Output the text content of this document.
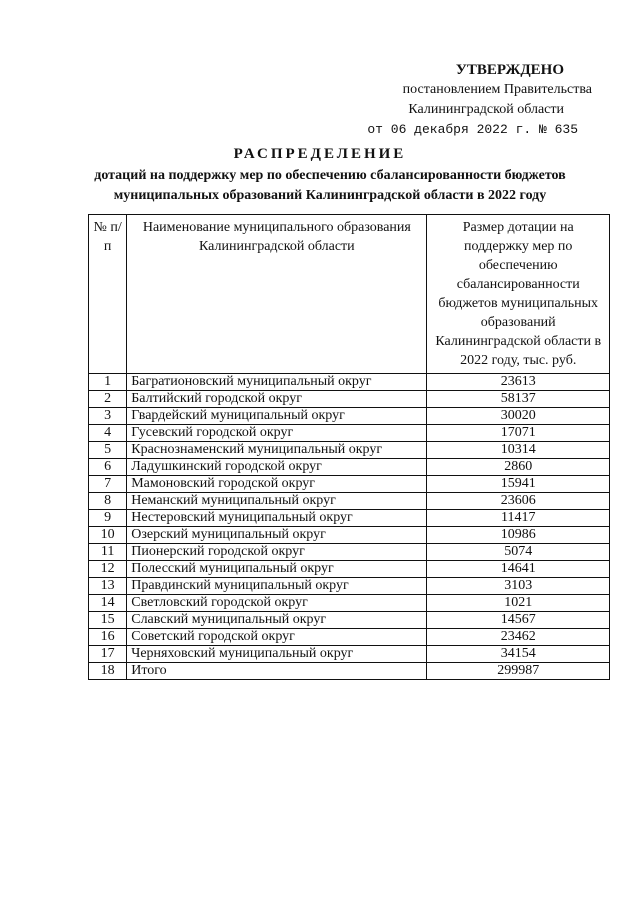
УТВЕРЖДЕНО
постановлением Правительства
Калининградской области
от 06 декабря 2022 г. № 635
РАСПРЕДЕЛЕНИЕ
дотаций на поддержку мер по обеспечению сбалансированности бюджетов муниципальных образований Калининградской области в 2022 году
№ п/п	Наименование муниципального образования Калининградской области	Размер дотации на поддержку мер по обеспечению сбалансированности бюджетов муниципальных образований Калининградской области в 2022 году, тыс. руб.
1	Багратионовский муниципальный округ	23613
2	Балтийский городской округ	58137
3	Гвардейский муниципальный округ	30020
4	Гусевский городской округ	17071
5	Краснознаменский муниципальный округ	10314
6	Ладушкинский городской округ	2860
7	Мамоновский городской округ	15941
8	Неманский муниципальный округ	23606
9	Нестеровский муниципальный округ	11417
10	Озерский муниципальный округ	10986
11	Пионерский городской округ	5074
12	Полесский муниципальный округ	14641
13	Правдинский муниципальный округ	3103
14	Светловский городской округ	1021
15	Славский муниципальный округ	14567
16	Советский городской округ	23462
17	Черняховский муниципальный округ	34154
18	Итого	299987
